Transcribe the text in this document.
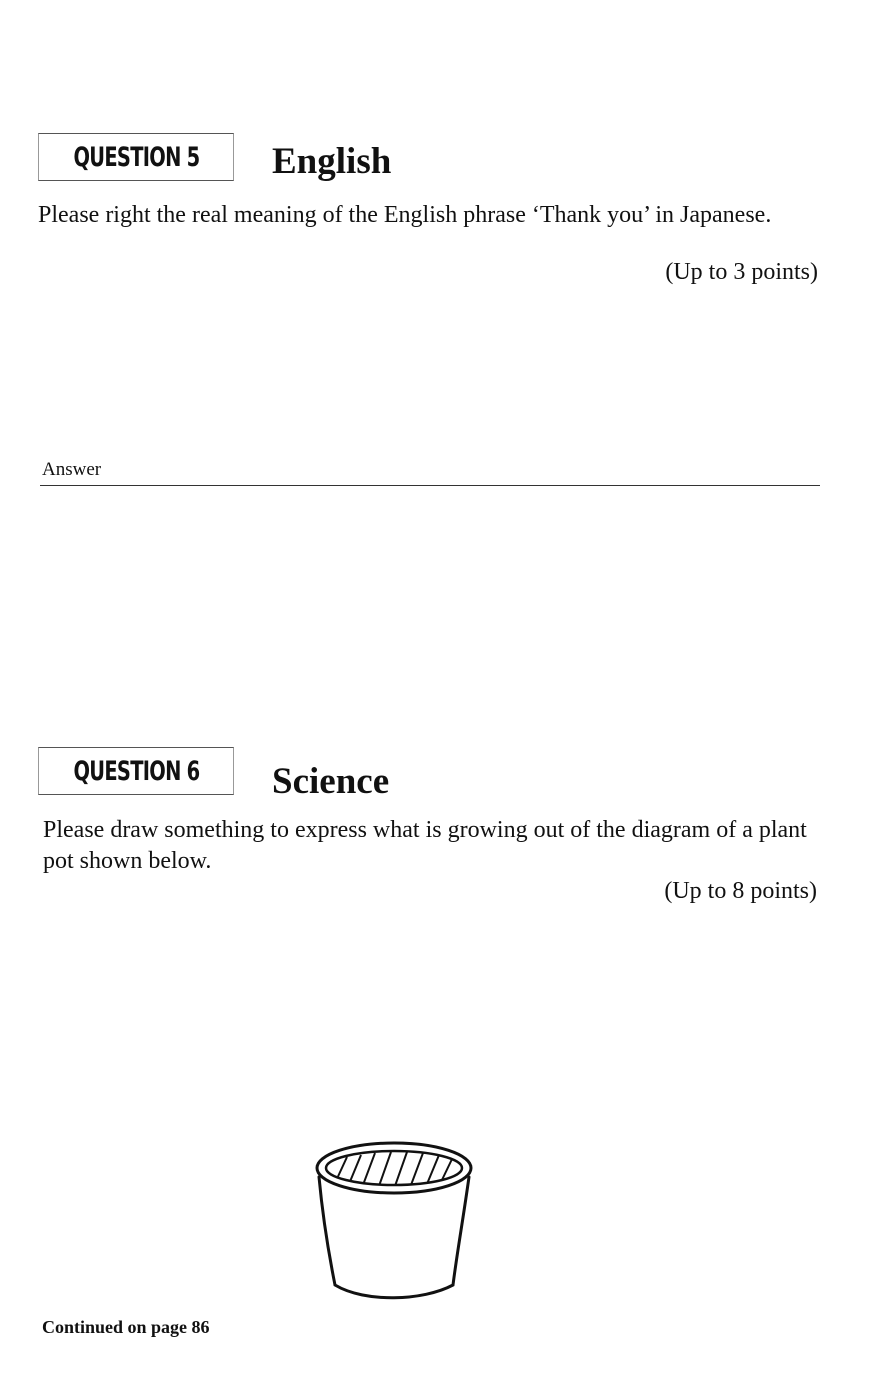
QUESTION 5 English
Please right the real meaning of the English phrase ‘Thank you’ in Japanese.
(Up to 3 points)
Answer
QUESTION 6 Science
Please draw something to express what is growing out of the diagram of a plant pot shown below.
(Up to 8 points)
Continued on page 86
